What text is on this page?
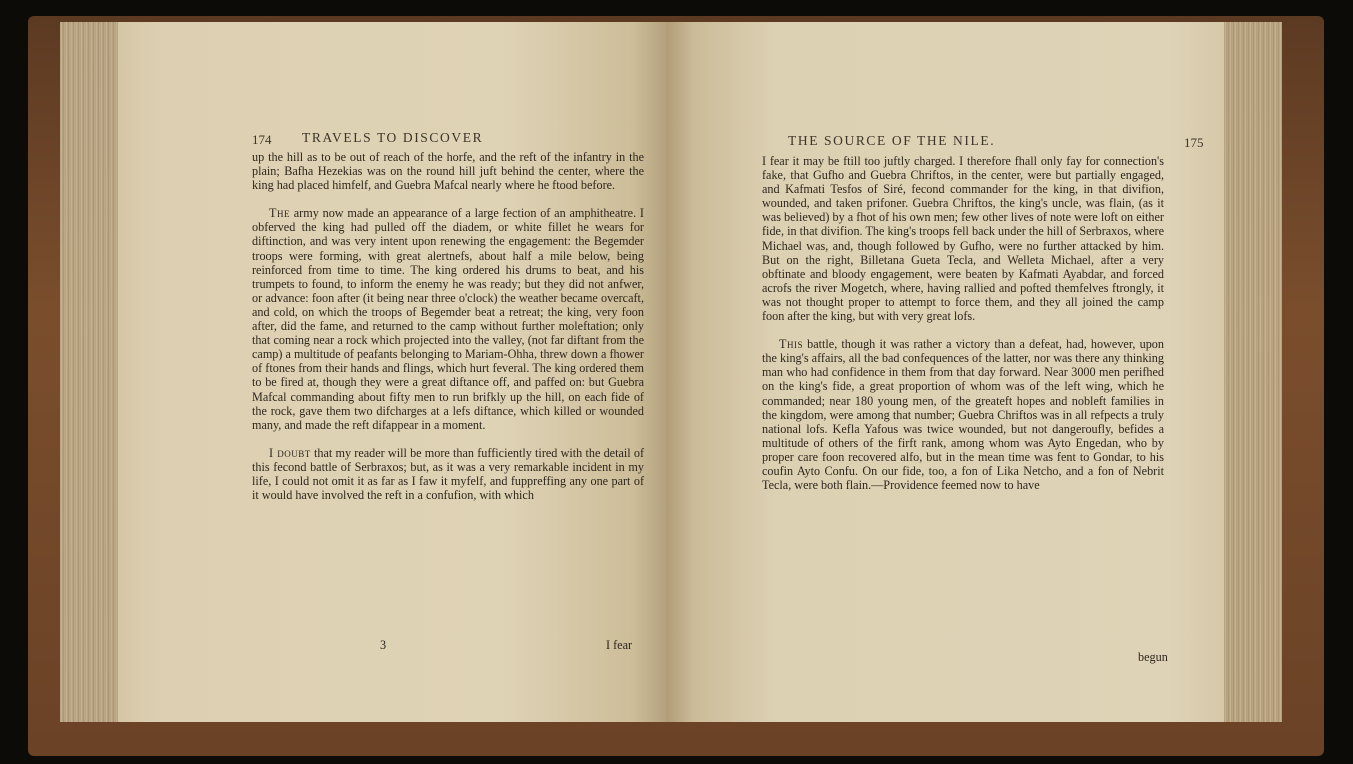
174 TRAVELS TO DISCOVER

up the hill as to be out of reach of the horfe, and the reft of the infantry in the plain; Bafha Hezekias was on the round hill juft behind the center, where the king had placed himfelf, and Guebra Mafcal nearly where he ftood before.

The army now made an appearance of a large fection of an amphitheatre. I obferved the king had pulled off the diadem, or white fillet he wears for diftinction, and was very intent upon renewing the engagement: the Begemder troops were forming, with great alertnefs, about half a mile below, being reinforced from time to time. The king ordered his drums to beat, and his trumpets to found, to inform the enemy he was ready; but they did not anfwer, or advance: foon after (it being near three o'clock) the weather became overcaft, and cold, on which the troops of Begemder beat a retreat; the king, very foon after, did the fame, and returned to the camp without further moleftation; only that coming near a rock which projected into the valley, (not far diftant from the camp) a multitude of peafants belonging to Mariam-Ohha, threw down a fhower of ftones from their hands and flings, which hurt feveral. The king ordered them to be fired at, though they were a great diftance off, and paffed on: but Guebra Mafcal commanding about fifty men to run brifkly up the hill, on each fide of the rock, gave them two difcharges at a lefs diftance, which killed or wounded many, and made the reft difappear in a moment.

I doubt that my reader will be more than fufficiently tired with the detail of this fecond battle of Serbraxos; but, as it was a very remarkable incident in my life, I could not omit it as far as I faw it myfelf, and fuppreffing any one part of it would have involved the reft in a confufion, with which

3	I fear
THE SOURCE OF THE NILE.	175

I fear it may be ftill too juftly charged. I therefore fhall only fay for connection's fake, that Gufho and Guebra Chriftos, in the center, were but partially engaged, and Kafmati Tesfos of Siré, fecond commander for the king, in that divifion, wounded, and taken prifoner. Guebra Chriftos, the king's uncle, was flain, (as it was believed) by a fhot of his own men; few other lives of note were loft on either fide, in that divifion. The king's troops fell back under the hill of Serbraxos, where Michael was, and, though followed by Gufho, were no further attacked by him. But on the right, Billetana Gueta Tecla, and Welleta Michael, after a very obftinate and bloody engagement, were beaten by Kafmati Ayabdar, and forced acrofs the river Mogetch, where, having rallied and pofted themfelves ftrongly, it was not thought proper to attempt to force them, and they all joined the camp foon after the king, but with very great lofs.

This battle, though it was rather a victory than a defeat, had, however, upon the king's affairs, all the bad confequences of the latter, nor was there any thinking man who had confidence in them from that day forward. Near 3000 men perifhed on the king's fide, a great proportion of whom was of the left wing, which he commanded; near 180 young men, of the greateft hopes and nobleft families in the kingdom, were among that number; Guebra Chriftos was in all refpects a truly national lofs. Kefla Yafous was twice wounded, but not dangeroufly, befides a multitude of others of the firft rank, among whom was Ayto Engedan, who by proper care foon recovered alfo, but in the mean time was fent to Gondar, to his coufin Ayto Confu. On our fide, too, a fon of Lika Netcho, and a fon of Nebrit Tecla, were both flain.—Providence feemed now to have

begun
